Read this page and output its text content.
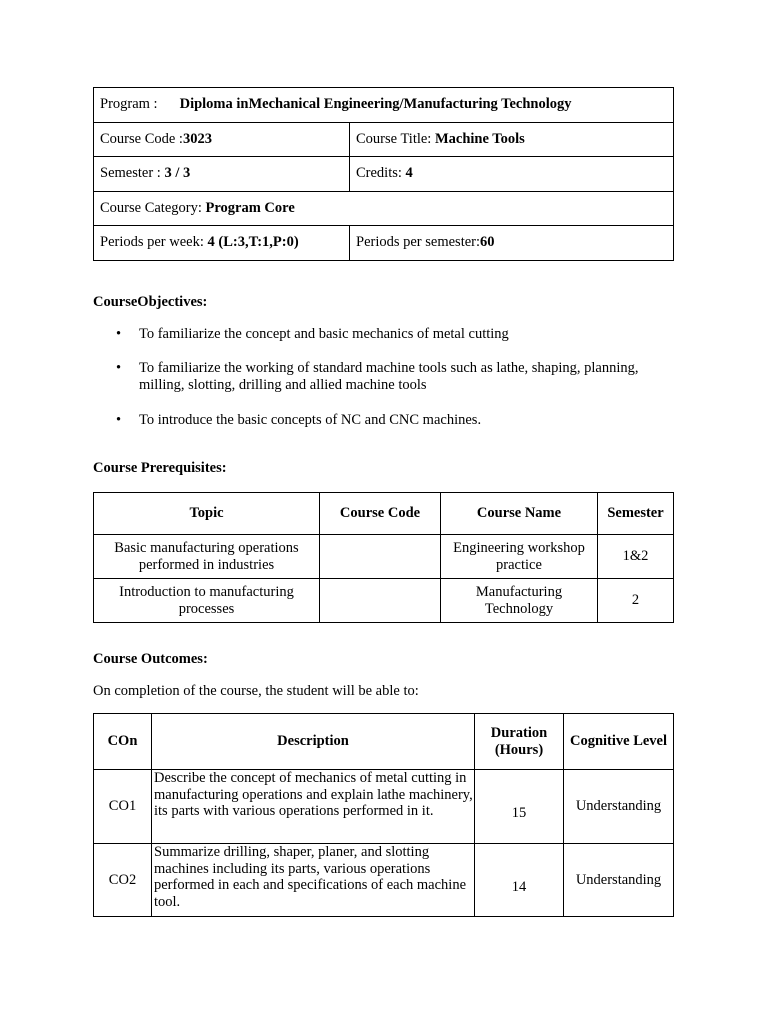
Program : Diploma inMechanical Engineering/Manufacturing Technology	
Course Code :3023	Course Title: Machine Tools
Semester : 3 / 3	Credits: 4
Course Category: Program Core	
Periods per week: 4 (L:3,T:1,P:0)	Periods per semester:60
CourseObjectives:
• To familiarize the concept and basic mechanics of metal cutting
• To familiarize the working of standard machine tools such as lathe, shaping, planning, milling, slotting, drilling and allied machine tools
• To introduce the basic concepts of NC and CNC machines.
Course Prerequisites:
Topic	Course Code	Course Name	Semester
Basic manufacturing operations performed in industries		Engineering workshop practice	1&2
Introduction to manufacturing processes		Manufacturing Technology	2
Course Outcomes:
On completion of the course, the student will be able to:
COn	Description	Duration (Hours)	Cognitive Level
CO1	Describe the concept of mechanics of metal cutting in manufacturing operations and explain lathe machinery, its parts with various operations performed in it.	15	Understanding
CO2	Summarize drilling, shaper, planer, and slotting machines including its parts, various operations performed in each and specifications of each machine tool.	14	Understanding
